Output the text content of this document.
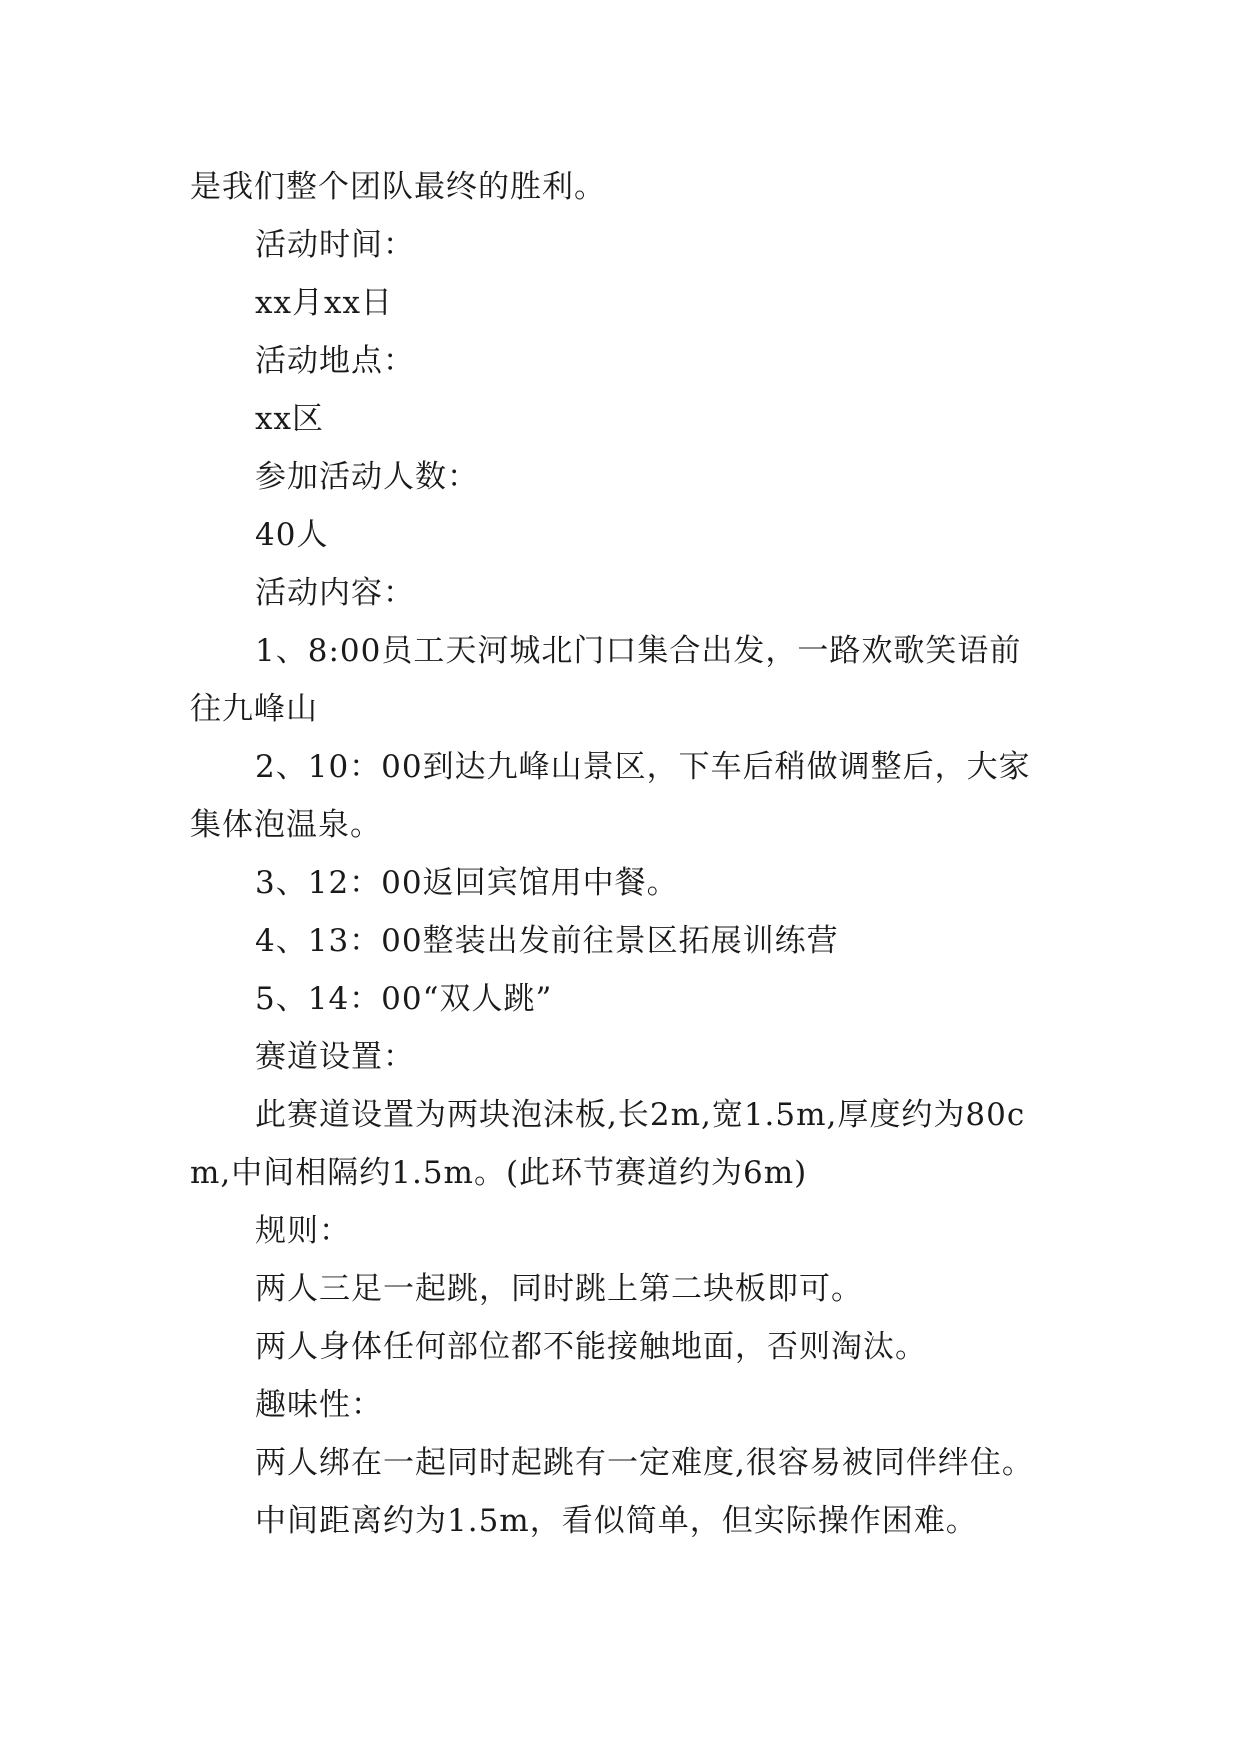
是我们整个团队最终的胜利。

活动时间：

xx月xx日

活动地点：

xx区

参加活动人数：

40人

活动内容：

1、8:00员工天河城北门口集合出发，一路欢歌笑语前往九峰山

2、10：00到达九峰山景区，下车后稍做调整后，大家集体泡温泉。

3、12：00返回宾馆用中餐。

4、13：00整装出发前往景区拓展训练营

5、14：00“双人跳”

赛道设置：

此赛道设置为两块泡沫板,长2m,宽1.5m,厚度约为80cm,中间相隔约1.5m。(此环节赛道约为6m)

规则：

两人三足一起跳，同时跳上第二块板即可。

两人身体任何部位都不能接触地面，否则淘汰。

趣味性：

两人绑在一起同时起跳有一定难度,很容易被同伴绊住。

中间距离约为1.5m，看似简单，但实际操作困难。
